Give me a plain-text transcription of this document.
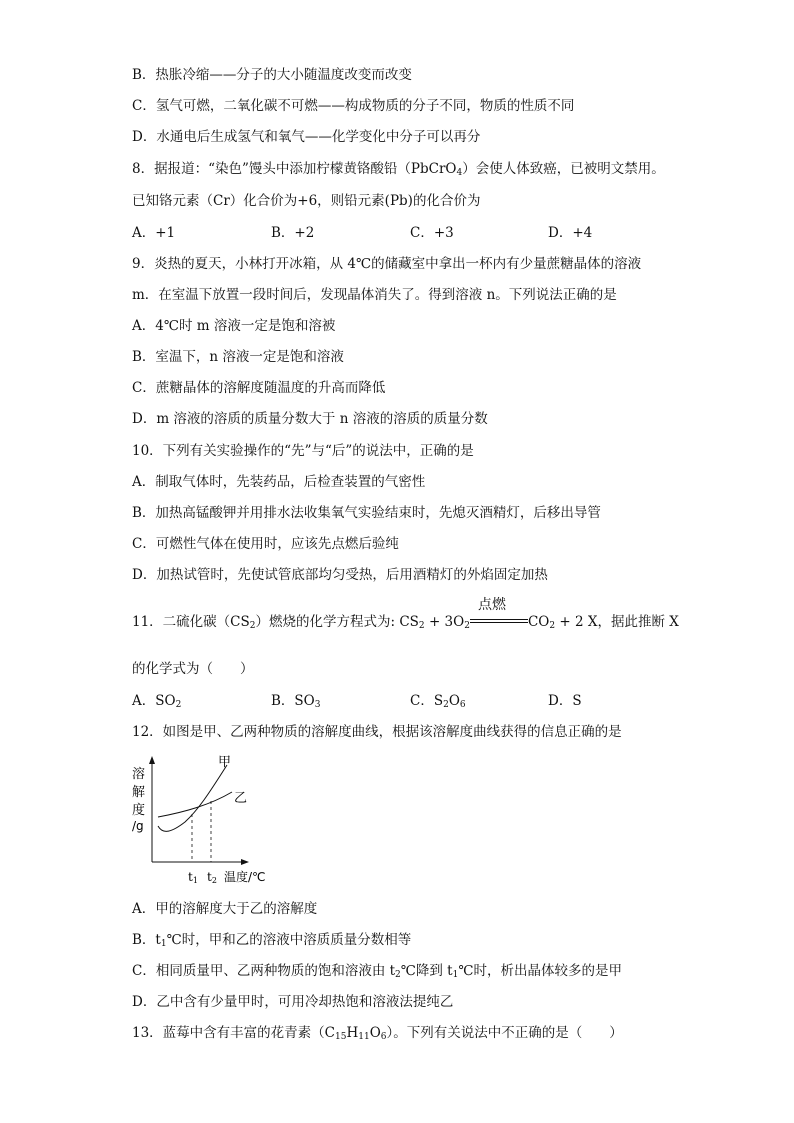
B．热胀冷缩——分子的大小随温度改变而改变
C．氢气可燃，二氧化碳不可燃——构成物质的分子不同，物质的性质不同
D．水通电后生成氢气和氧气——化学变化中分子可以再分
8．据报道：“染色”馒头中添加柠檬黄铬酸铅（PbCrO$_4$）会使人体致癌，已被明文禁用。
已知铬元素（Cr）化合价为+6，则铅元素(Pb)的化合价为
A．+1	B．+2	C．+3	D．+4
9．炎热的夏天，小林打开冰箱，从 4℃的储藏室中拿出一杯内有少量蔗糖晶体的溶液
m．在室温下放置一段时间后，发现晶体消失了。得到溶液 n。下列说法正确的是
A．4℃时 m 溶液一定是饱和溶被
B．室温下，n 溶液一定是饱和溶液
C．蔗糖晶体的溶解度随温度的升高而降低
D．m 溶液的溶质的质量分数大于 n 溶液的溶质的质量分数
10．下列有关实验操作的“先”与“后”的说法中，正确的是
A．制取气体时，先装药品，后检查装置的气密性
B．加热高锰酸钾并用排水法收集氧气实验结束时，先熄灭酒精灯，后移出导管
C．可燃性气体在使用时，应该先点燃后验纯
D．加热试管时，先使试管底部均匀受热，后用酒精灯的外焰固定加热
11．二硫化碳$(CS_2)$燃烧的化学方程式为: $CS_2 + 3O_2$
点燃
$CO_2 + 2$ X，据此推断 X
的化学式为（　　）
A．$SO_2$	B．$SO_3$	C．$S_2O_6$	D．S
12．如图是甲、乙两种物质的溶解度曲线，根据该溶解度曲线获得的信息正确的是
溶
解
度
/g
甲
乙
t1 t2 温度/℃
A．甲的溶解度大于乙的溶解度
B．$t_1℃$时，甲和乙的溶液中溶质质量分数相等
C．相同质量甲、乙两种物质的饱和溶液由 $t_2℃$降到 $t_1℃$时，析出晶体较多的是甲
D．乙中含有少量甲时，可用冷却热饱和溶液法提纯乙
13．蓝莓中含有丰富的花青素$(C_{15}H_{11}O_6)$。下列有关说法中不正确的是（　　）
